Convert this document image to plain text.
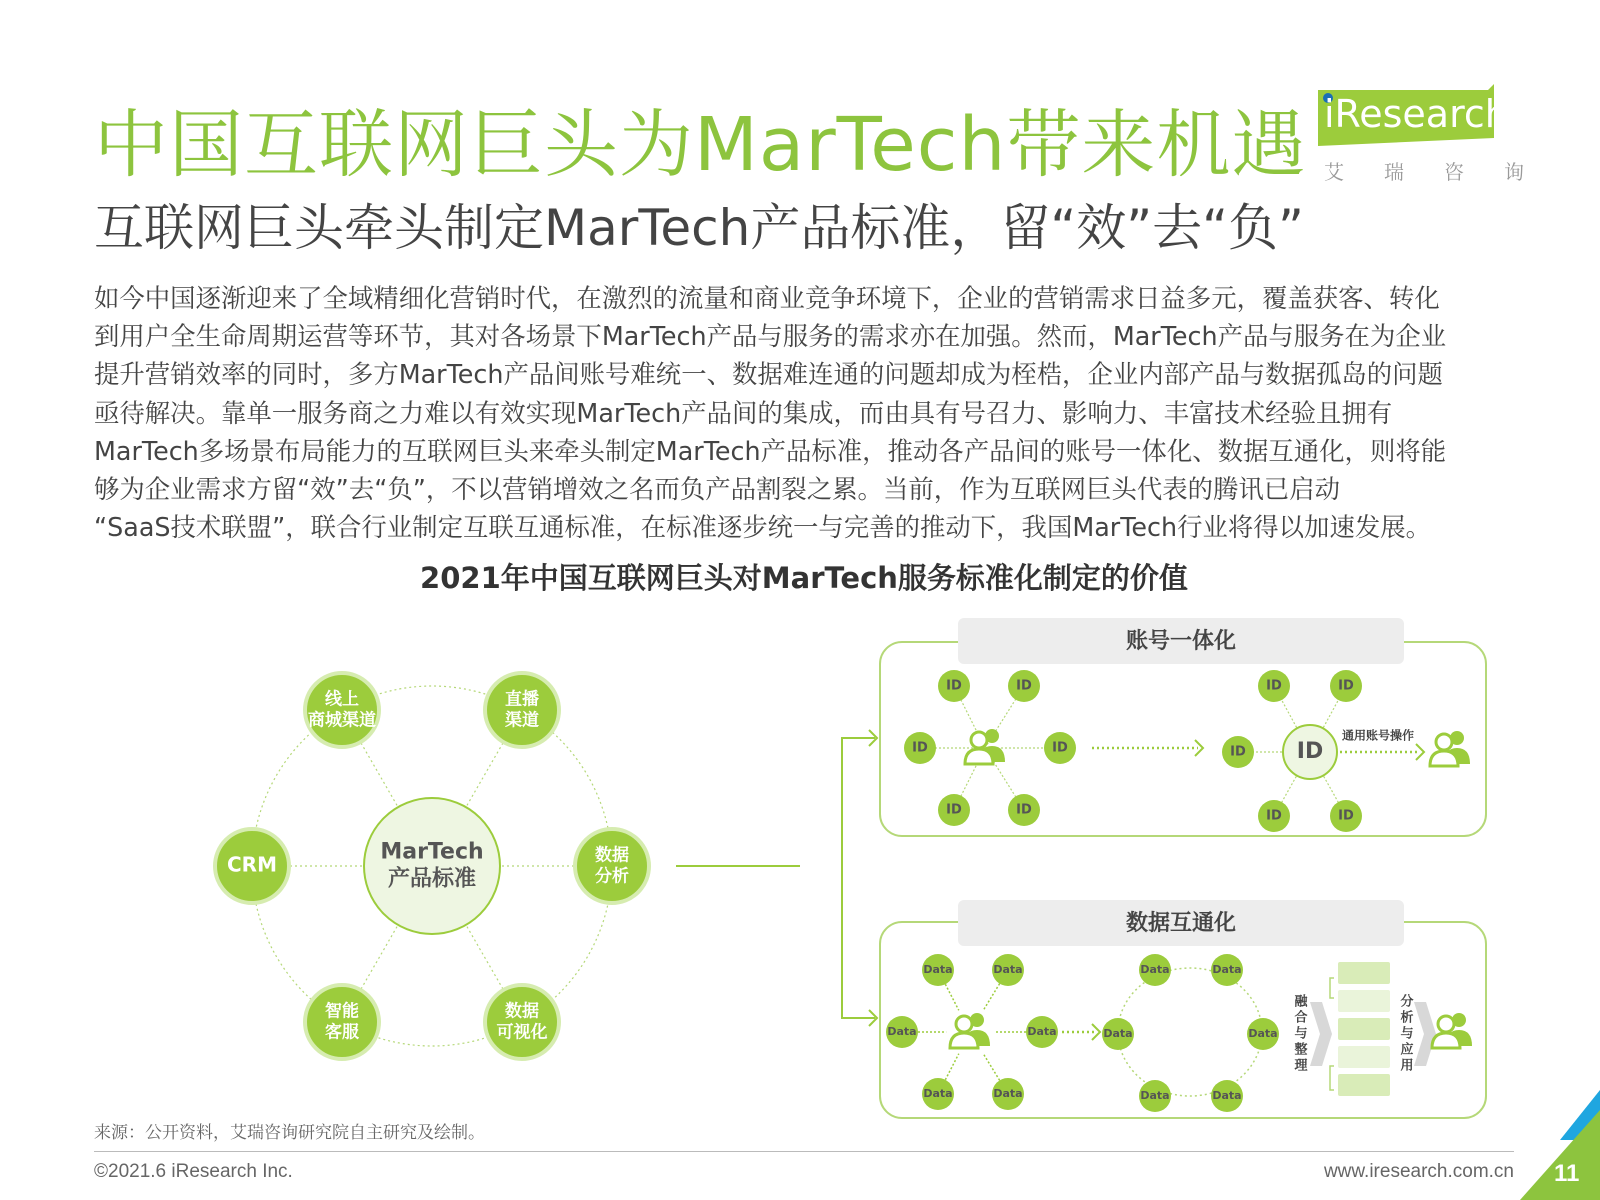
中国互联网巨头为MarTech带来机遇
互联网巨头牵头制定MarTech产品标准，留“效”去“负”
iResearch
艾 瑞 咨 询
如今中国逐渐迎来了全域精细化营销时代，在激烈的流量和商业竞争环境下，企业的营销需求日益多元，覆盖获客、转化
到用户全生命周期运营等环节，其对各场景下MarTech产品与服务的需求亦在加强。然而，MarTech产品与服务在为企业
提升营销效率的同时，多方MarTech产品间账号难统一、数据难连通的问题却成为桎梏，企业内部产品与数据孤岛的问题
亟待解决。靠单一服务商之力难以有效实现MarTech产品间的集成，而由具有号召力、影响力、丰富技术经验且拥有
MarTech多场景布局能力的互联网巨头来牵头制定MarTech产品标准，推动各产品间的账号一体化、数据互通化，则将能
够为企业需求方留“效”去“负”，不以营销增效之名而负产品割裂之累。当前，作为互联网巨头代表的腾讯已启动
“SaaS技术联盟”，联合行业制定互联互通标准，在标准逐步统一与完善的推动下，我国MarTech行业将得以加速发展。
2021年中国互联网巨头对MarTech服务标准化制定的价值
MarTech
产品标准
线上
商城渠道
直播
渠道
数据
分析
数据
可视化
智能
客服
CRM
账号一体化
ID	ID
ID	ID
ID	ID
ID	ID
ID
ID	ID
ID
通用账号操作
数据互通化
Data	Data
Data	Data
Data	Data
Data	Data
Data	Data
Data	Data
融
合
与
整
理
分
析
与
应
用
来源：公开资料，艾瑞咨询研究院自主研究及绘制。
©2021.6 iResearch Inc.	www.iresearch.com.cn 11
